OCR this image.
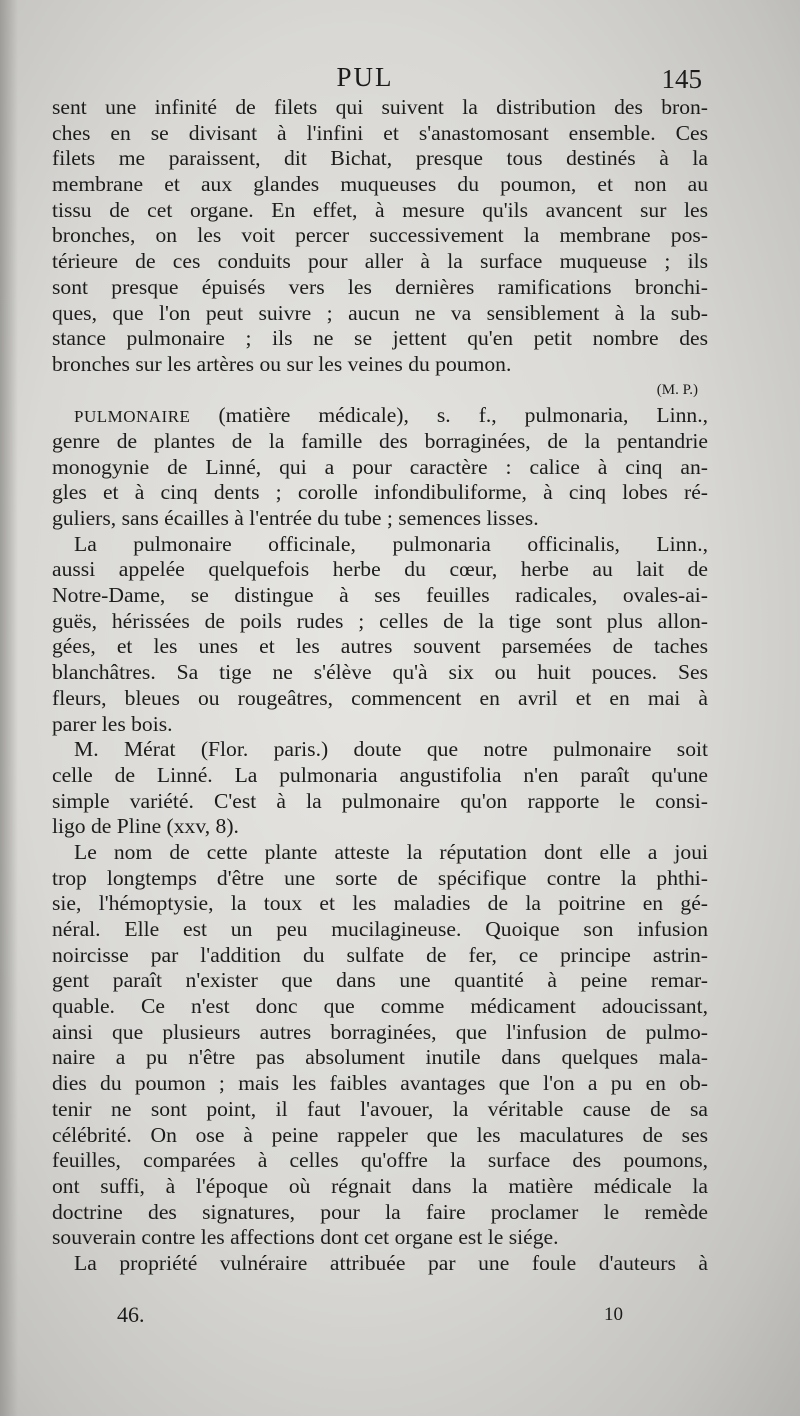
PUL	145
sent une infinité de filets qui suivent la distribution des bron-
ches en se divisant à l'infini et s'anastomosant ensemble. Ces
filets me paraissent, dit Bichat, presque tous destinés à la
membrane et aux glandes muqueuses du poumon, et non au
tissu de cet organe. En effet, à mesure qu'ils avancent sur les
bronches, on les voit percer successivement la membrane pos-
térieure de ces conduits pour aller à la surface muqueuse ; ils
sont presque épuisés vers les dernières ramifications bronchi-
ques, que l'on peut suivre ; aucun ne va sensiblement à la sub-
stance pulmonaire ; ils ne se jettent qu'en petit nombre des
bronches sur les artères ou sur les veines du poumon.
(M. P.)
PULMONAIRE (matière médicale), s. f., pulmonaria, Linn.,
genre de plantes de la famille des borraginées, de la pentandrie
monogynie de Linné, qui a pour caractère : calice à cinq an-
gles et à cinq dents ; corolle infondibuliforme, à cinq lobes ré-
guliers, sans écailles à l'entrée du tube ; semences lisses.
La pulmonaire officinale, pulmonaria officinalis, Linn.,
aussi appelée quelquefois herbe du cœur, herbe au lait de
Notre-Dame, se distingue à ses feuilles radicales, ovales-ai-
guës, hérissées de poils rudes ; celles de la tige sont plus allon-
gées, et les unes et les autres souvent parsemées de taches
blanchâtres. Sa tige ne s'élève qu'à six ou huit pouces. Ses
fleurs, bleues ou rougeâtres, commencent en avril et en mai à
parer les bois.
M. Mérat (Flor. paris.) doute que notre pulmonaire soit
celle de Linné. La pulmonaria angustifolia n'en paraît qu'une
simple variété. C'est à la pulmonaire qu'on rapporte le consi-
ligo de Pline (xxv, 8).
Le nom de cette plante atteste la réputation dont elle a joui
trop longtemps d'être une sorte de spécifique contre la phthi-
sie, l'hémoptysie, la toux et les maladies de la poitrine en gé-
néral. Elle est un peu mucilagineuse. Quoique son infusion
noircisse par l'addition du sulfate de fer, ce principe astrin-
gent paraît n'exister que dans une quantité à peine remar-
quable. Ce n'est donc que comme médicament adoucissant,
ainsi que plusieurs autres borraginées, que l'infusion de pulmo-
naire a pu n'être pas absolument inutile dans quelques mala-
dies du poumon ; mais les faibles avantages que l'on a pu en ob-
tenir ne sont point, il faut l'avouer, la véritable cause de sa
célébrité. On ose à peine rappeler que les maculatures de ses
feuilles, comparées à celles qu'offre la surface des poumons,
ont suffi, à l'époque où régnait dans la matière médicale la
doctrine des signatures, pour la faire proclamer le remède
souverain contre les affections dont cet organe est le siége.
La propriété vulnéraire attribuée par une foule d'auteurs à
46.	10
